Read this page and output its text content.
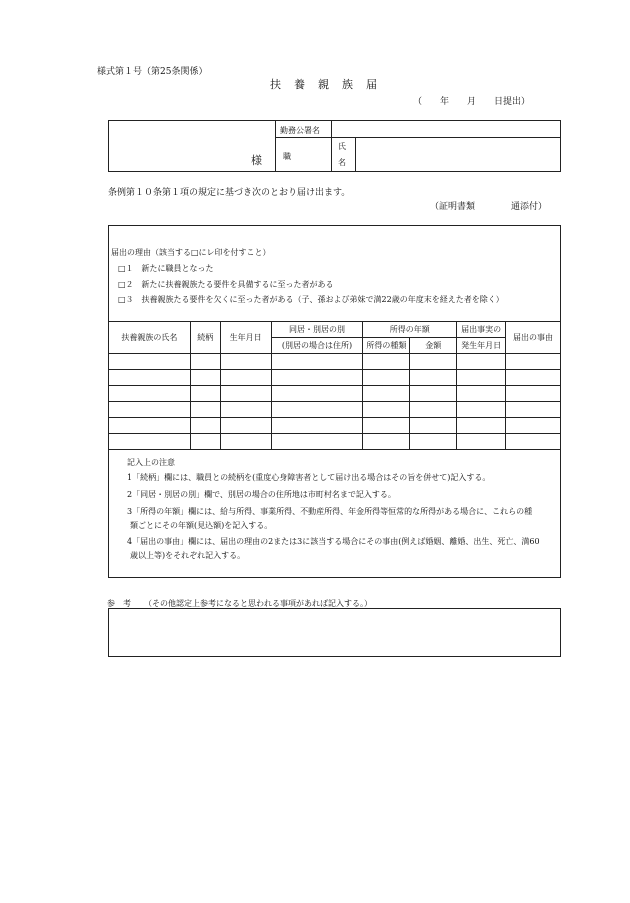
様式第１号（第25条関係）
扶　養　親　族　届
（　　年　　月　　日提出）
勤務公署名
様	職
氏
名
条例第１０条第１項の規定に基づき次のとおり届け出ます。
（証明書類　　　　通添付）
届出の理由（該当する□にレ印を付すこと）
□１　新たに職員となった
□２　新たに扶養親族たる要件を具備するに至った者がある
□３　扶養親族たる要件を欠くに至った者がある（子、孫および弟妹で満22歳の年度末を経えた者を除く）
扶養親族の氏名	続柄	生年月日	同居・別居の別	所得の年額		届出事実の	届出の事由
			(別居の場合は住所)	所得の種類	金額	発生年月日	

記入上の注意
1「続柄」欄には、職員との続柄を(重度心身障害者として届け出る場合はその旨を併せて)記入する。
2「同居・別居の別」欄で、別居の場合の住所地は市町村名まで記入する。
3「所得の年額」欄には、給与所得、事業所得、不動産所得、年金所得等恒常的な所得がある場合に、これらの種
類ごとにその年額(見込額)を記入する。
4「届出の事由」欄には、届出の理由の2または3に該当する場合にその事由(例えば婚姻、離婚、出生、死亡、満60
歳以上等)をそれぞれ記入する。
参　考 （その他認定上参考になると思われる事項があれば記入する。）
